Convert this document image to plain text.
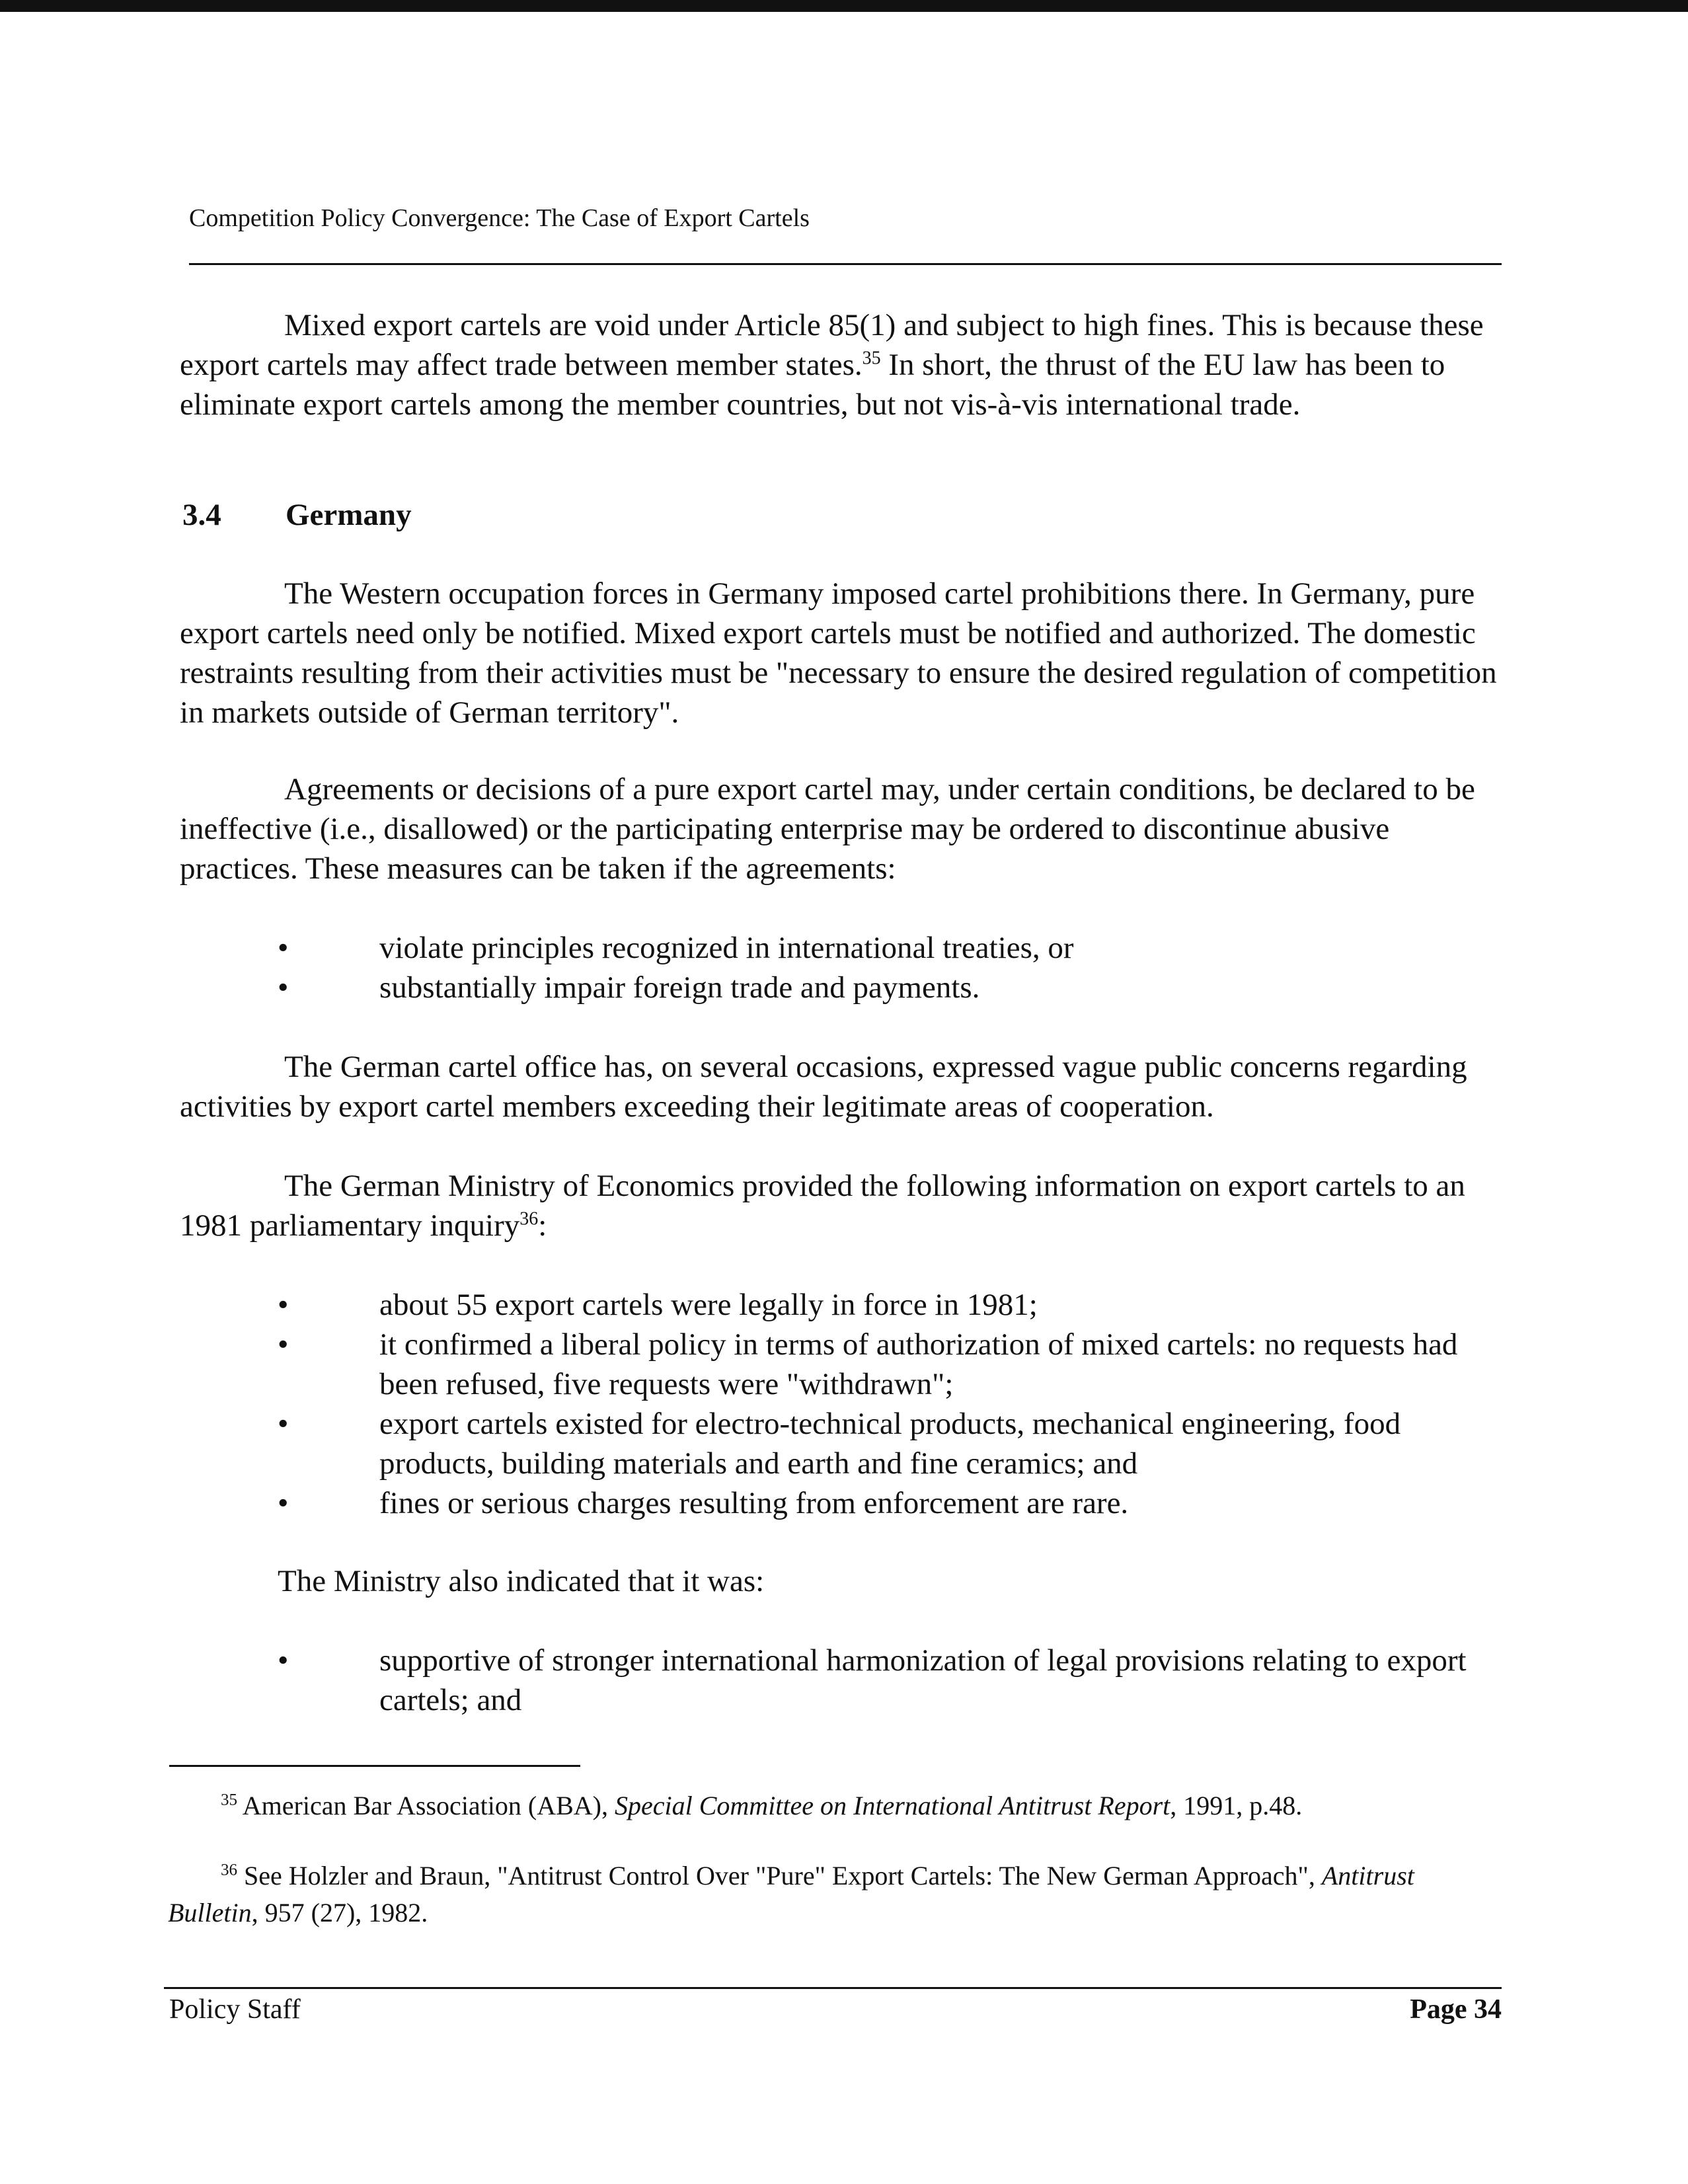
Competition Policy Convergence: The Case of Export Cartels

Mixed export cartels are void under Article 85(1) and subject to high fines. This is because these export cartels may affect trade between member states.$^{35}$ In short, the thrust of the EU law has been to eliminate export cartels among the member countries, but not vis-à-vis international trade.

3.4 Germany

The Western occupation forces in Germany imposed cartel prohibitions there. In Germany, pure export cartels need only be notified. Mixed export cartels must be notified and authorized. The domestic restraints resulting from their activities must be "necessary to ensure the desired regulation of competition in markets outside of German territory".

Agreements or decisions of a pure export cartel may, under certain conditions, be declared to be ineffective (i.e., disallowed) or the participating enterprise may be ordered to discontinue abusive practices. These measures can be taken if the agreements:

•	violate principles recognized in international treaties, or
•	substantially impair foreign trade and payments.

The German cartel office has, on several occasions, expressed vague public concerns regarding activities by export cartel members exceeding their legitimate areas of cooperation.

The German Ministry of Economics provided the following information on export cartels to an 1981 parliamentary inquiry$^{36}$:

•	about 55 export cartels were legally in force in 1981;
•	it confirmed a liberal policy in terms of authorization of mixed cartels: no requests had been refused, five requests were "withdrawn";
•	export cartels existed for electro-technical products, mechanical engineering, food products, building materials and earth and fine ceramics; and
•	fines or serious charges resulting from enforcement are rare.

The Ministry also indicated that it was:

•	supportive of stronger international harmonization of legal provisions relating to export cartels; and

$^{35}$ American Bar Association (ABA), Special Committee on International Antitrust Report, 1991, p.48.

$^{36}$ See Holzler and Braun, "Antitrust Control Over "Pure" Export Cartels: The New German Approach", Antitrust Bulletin, 957 (27), 1982.

Policy Staff	Page 34
